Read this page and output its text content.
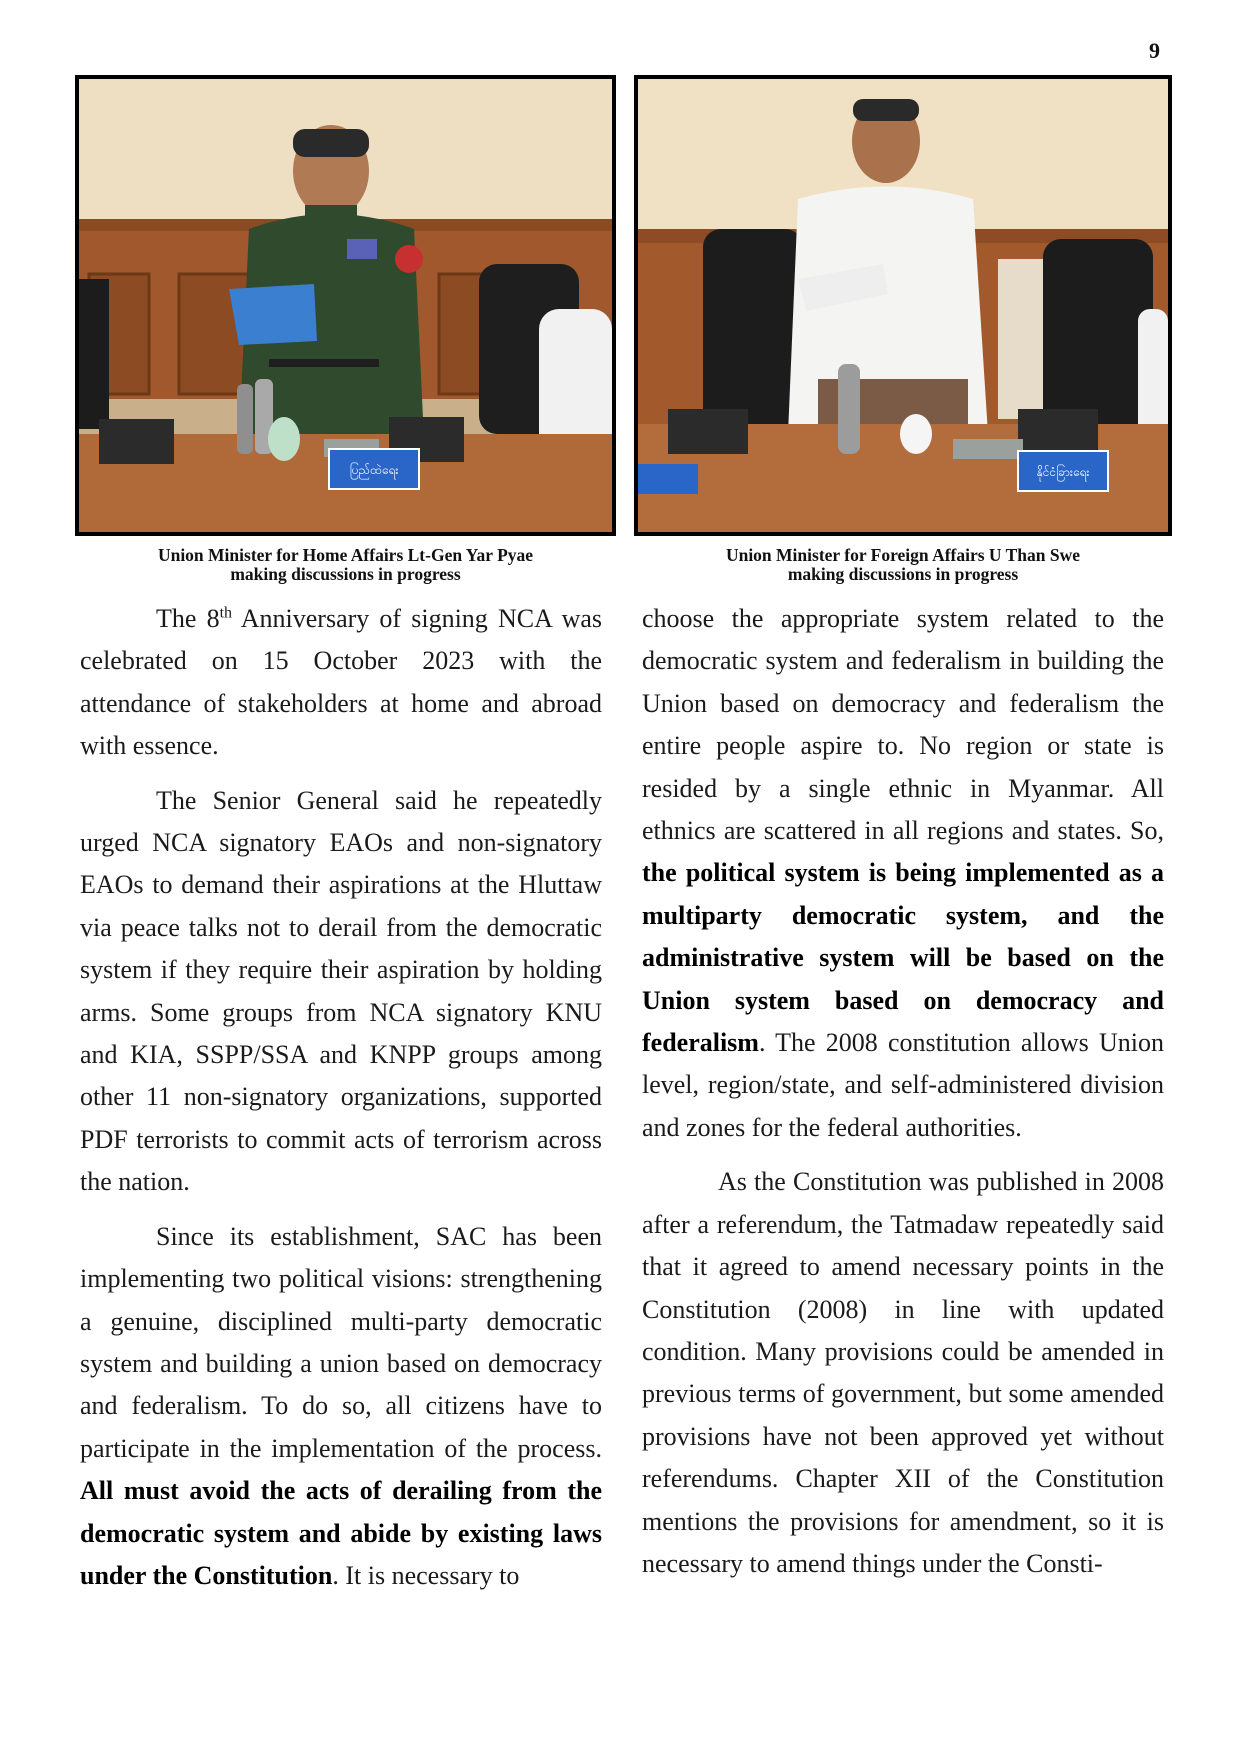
9
ပြည်ထဲရေး	နိုင်ငံခြားရေး
Union Minister for Home Affairs Lt-Gen Yar Pyae
making discussions in progress
Union Minister for Foreign Affairs U Than Swe
making discussions in progress

The 8th Anniversary of signing NCA was celebrated on 15 October 2023 with the attendance of stakeholders at home and abroad with essence.

The Senior General said he repeatedly urged NCA signatory EAOs and non-signatory EAOs to demand their aspirations at the Hluttaw via peace talks not to derail from the democratic system if they require their aspiration by holding arms. Some groups from NCA signatory KNU and KIA, SSPP/SSA and KNPP groups among other 11 non-signatory organizations, supported PDF terrorists to commit acts of terrorism across the nation.

Since its establishment, SAC has been implementing two political visions: strengthening a genuine, disciplined multi-party democratic system and building a union based on democracy and federalism. To do so, all citizens have to participate in the implementation of the process. All must avoid the acts of derailing from the democratic system and abide by existing laws under the Constitution. It is necessary to

choose the appropriate system related to the democratic system and federalism in building the Union based on democracy and federalism the entire people aspire to. No region or state is resided by a single ethnic in Myanmar. All ethnics are scattered in all regions and states. So, the political system is being implemented as a multiparty democratic system, and the administrative system will be based on the Union system based on democracy and federalism. The 2008 constitution allows Union level, region/state, and self-administered division and zones for the federal authorities.

As the Constitution was published in 2008 after a referendum, the Tatmadaw repeatedly said that it agreed to amend necessary points in the Constitution (2008) in line with updated condition. Many provisions could be amended in previous terms of government, but some amended provisions have not been approved yet without referendums. Chapter XII of the Constitution mentions the provisions for amendment, so it is necessary to amend things under the Consti-
